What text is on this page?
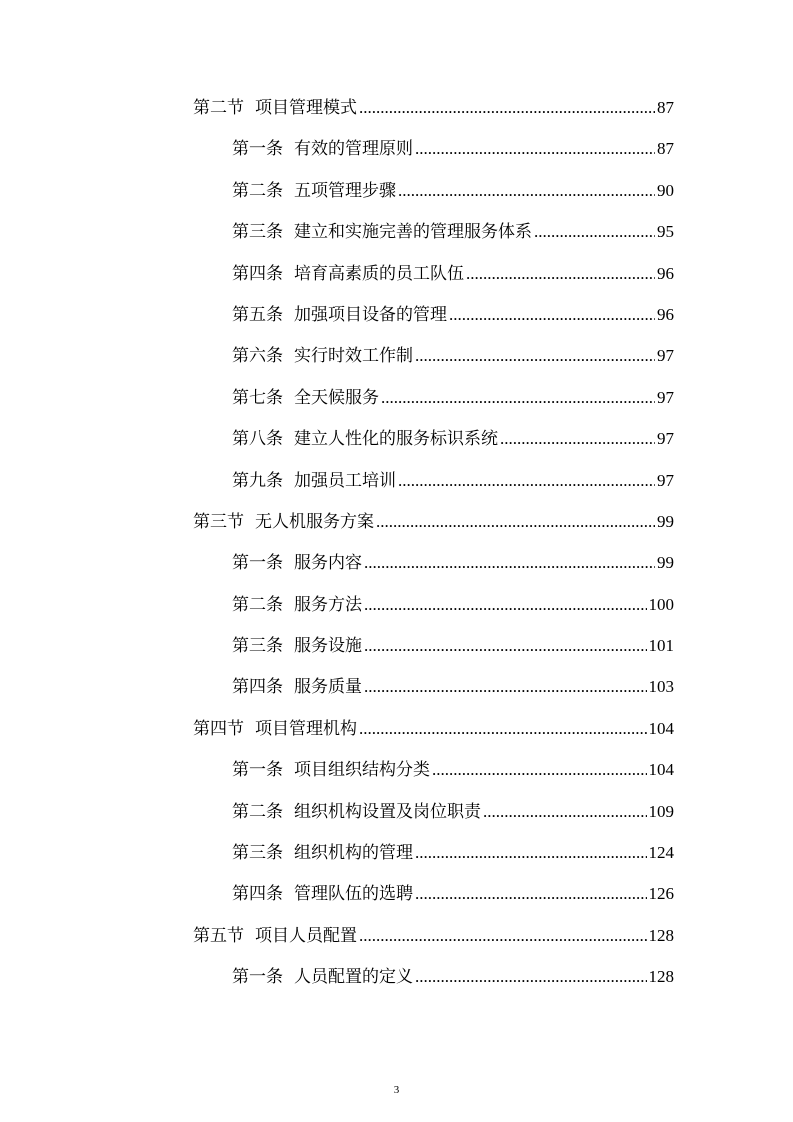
第二节 项目管理模式 .....	87
第一条 有效的管理原则 .....	87
第二条 五项管理步骤 .....	90
第三条 建立和实施完善的管理服务体系 .....	95
第四条 培育高素质的员工队伍 .....	96
第五条 加强项目设备的管理 .....	96
第六条 实行时效工作制 .....	97
第七条 全天候服务 .....	97
第八条 建立人性化的服务标识系统 .....	97
第九条 加强员工培训 .....	97
第三节 无人机服务方案 .....	99
第一条 服务内容 .....	99
第二条 服务方法 .....	100
第三条 服务设施 .....	101
第四条 服务质量 .....	103
第四节 项目管理机构 .....	104
第一条 项目组织结构分类 .....	104
第二条 组织机构设置及岗位职责 .....	109
第三条 组织机构的管理 .....	124
第四条 管理队伍的选聘 .....	126
第五节 项目人员配置 .....	128
第一条 人员配置的定义 .....	128
3
